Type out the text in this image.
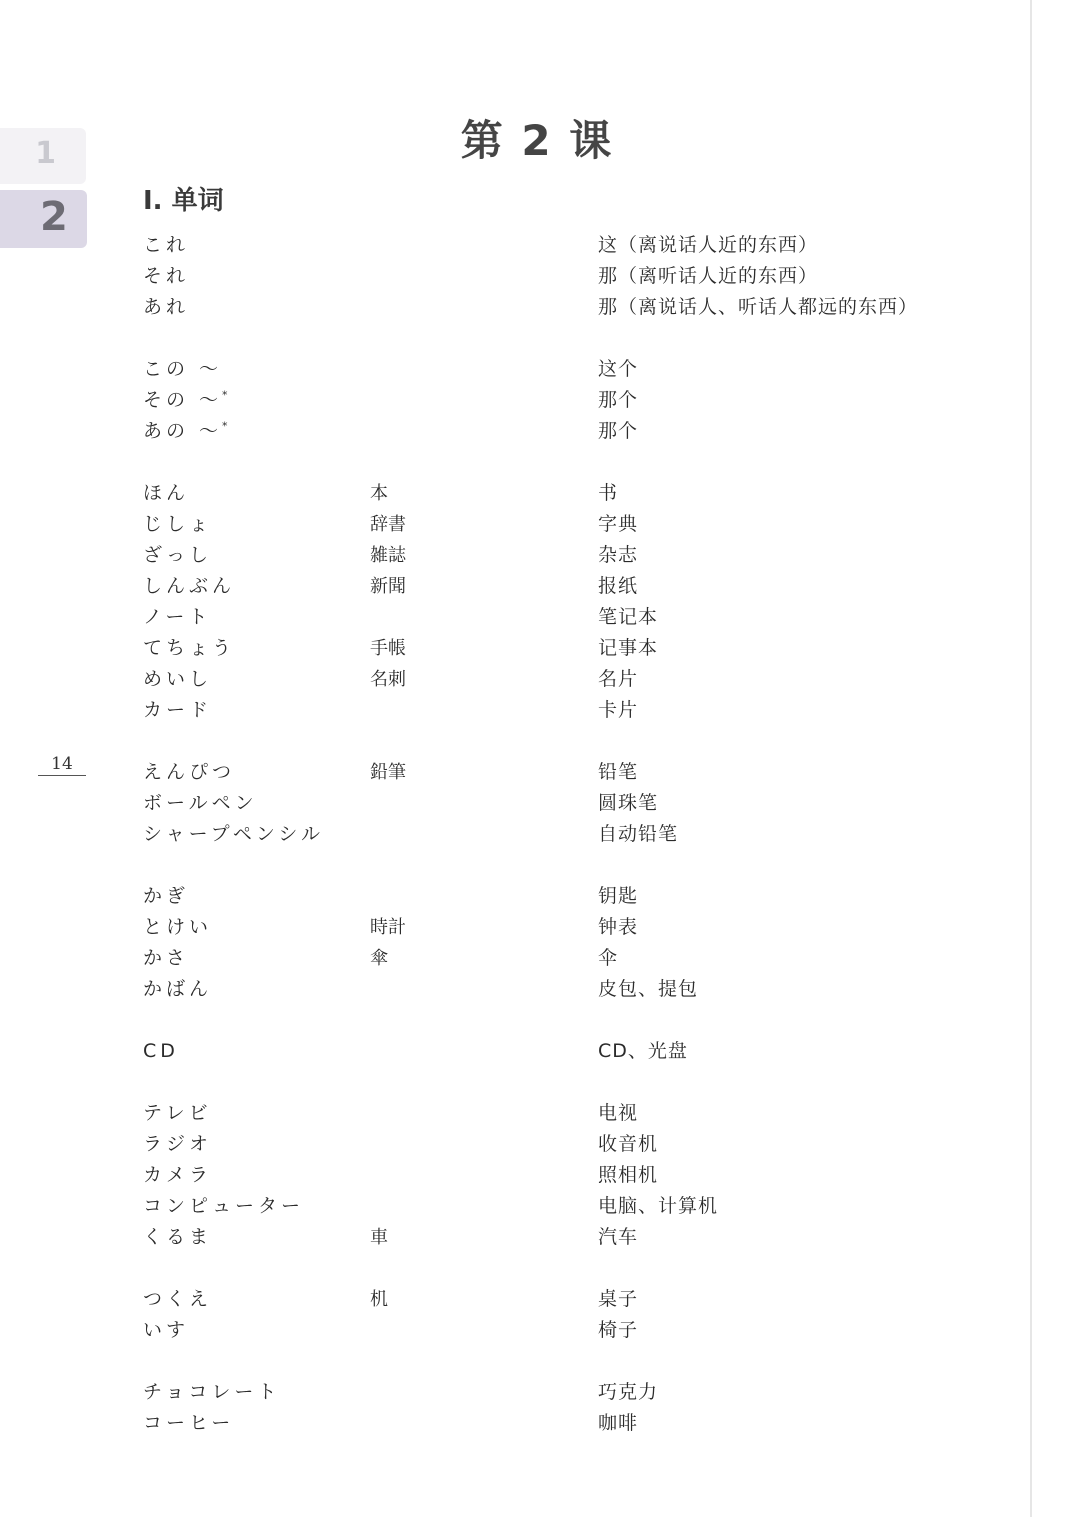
1
2
14
第 2 课
I. 单词
これ		这（离说话人近的东西）
それ		那（离听话人近的东西）
あれ		那（离说话人、听话人都远的东西）

この ～		这个
その ～*		那个
あの ～*		那个

ほん	本	书
じしょ	辞書	字典
ざっし	雑誌	杂志
しんぶん	新聞	报纸
ノート		笔记本
てちょう	手帳	记事本
めいし	名刺	名片
カード		卡片

えんぴつ	鉛筆	铅笔
ボールペン		圆珠笔
シャープペンシル		自动铅笔

かぎ		钥匙
とけい	時計	钟表
かさ	傘	伞
かばん		皮包、提包

CD		CD、光盘

テレビ		电视
ラジオ		收音机
カメラ		照相机
コンピューター		电脑、计算机
くるま	車	汽车

つくえ	机	桌子
いす		椅子

チョコレート		巧克力
コーヒー		咖啡
